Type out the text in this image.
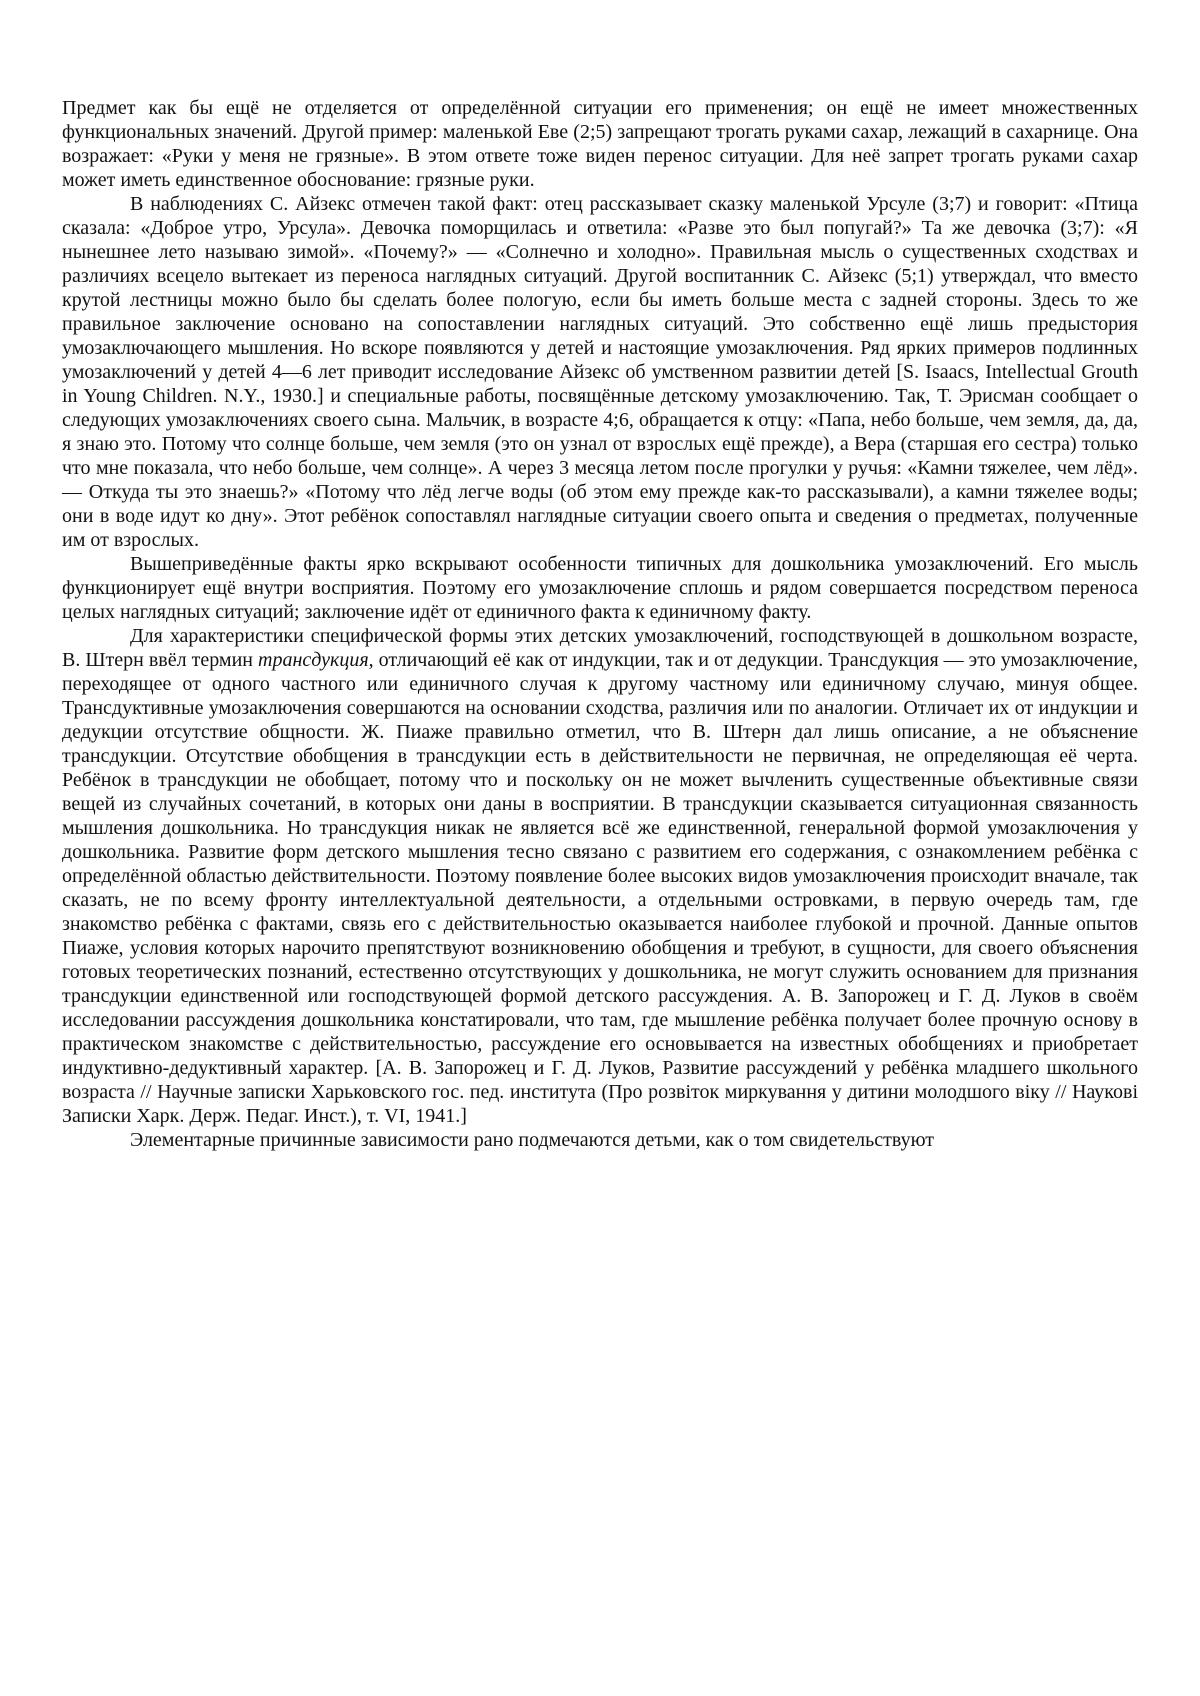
Предмет как бы ещё не отделяется от определённой ситуации его применения; он ещё не имеет множественных функциональных значений. Другой пример: маленькой Еве (2;5) запрещают трогать руками сахар, лежащий в сахарнице. Она возражает: «Руки у меня не грязные». В этом ответе тоже виден перенос ситуации. Для неё запрет трогать руками сахар может иметь единственное обоснование: грязные руки.

В наблюдениях С. Айзекс отмечен такой факт: отец рассказывает сказку маленькой Урсуле (3;7) и говорит: «Птица сказала: «Доброе утро, Урсула». Девочка поморщилась и ответила: «Разве это был попугай?» Та же девочка (3;7): «Я нынешнее лето называю зимой». «Почему?» — «Солнечно и холодно». Правильная мысль о существенных сходствах и различиях всецело вытекает из переноса наглядных ситуаций. Другой воспитанник С. Айзекс (5;1) утверждал, что вместо крутой лестницы можно было бы сделать более пологую, если бы иметь больше места с задней стороны. Здесь то же правильное заключение основано на сопоставлении наглядных ситуаций. Это собственно ещё лишь предыстория умозаключающего мышления. Но вскоре появляются у детей и настоящие умозаключения. Ряд ярких примеров подлинных умозаключений у детей 4—6 лет приводит исследование Айзекс об умственном развитии детей [S. Isaacs, Intellectual Grouth in Young Children. N.Y., 1930.] и специальные работы, посвящённые детскому умозаключению. Так, Т. Эрисман сообщает о следующих умозаключениях своего сына. Мальчик, в возрасте 4;6, обращается к отцу: «Папа, небо больше, чем земля, да, да, я знаю это. Потому что солнце больше, чем земля (это он узнал от взрослых ещё прежде), а Вера (старшая его сестра) только что мне показала, что небо больше, чем солнце». А через 3 месяца летом после прогулки у ручья: «Камни тяжелее, чем лёд». — Откуда ты это знаешь?» «Потому что лёд легче воды (об этом ему прежде как-то рассказывали), а камни тяжелее воды; они в воде идут ко дну». Этот ребёнок сопоставлял наглядные ситуации своего опыта и сведения о предметах, полученные им от взрослых.

Вышеприведённые факты ярко вскрывают особенности типичных для дошкольника умозаключений. Его мысль функционирует ещё внутри восприятия. Поэтому его умозаключение сплошь и рядом совершается посредством переноса целых наглядных ситуаций; заключение идёт от единичного факта к единичному факту.

Для характеристики специфической формы этих детских умозаключений, господствующей в дошкольном возрасте, В. Штерн ввёл термин трансдукция, отличающий её как от индукции, так и от дедукции. Трансдукция — это умозаключение, переходящее от одного частного или единичного случая к другому частному или единичному случаю, минуя общее. Трансдуктивные умозаключения совершаются на основании сходства, различия или по аналогии. Отличает их от индукции и дедукции отсутствие общности. Ж. Пиаже правильно отметил, что В. Штерн дал лишь описание, а не объяснение трансдукции. Отсутствие обобщения в трансдукции есть в действительности не первичная, не определяющая её черта. Ребёнок в трансдукции не обобщает, потому что и поскольку он не может вычленить существенные объективные связи вещей из случайных сочетаний, в которых они даны в восприятии. В трансдукции сказывается ситуационная связанность мышления дошкольника. Но трансдукция никак не является всё же единственной, генеральной формой умозаключения у дошкольника. Развитие форм детского мышления тесно связано с развитием его содержания, с ознакомлением ребёнка с определённой областью действительности. Поэтому появление более высоких видов умозаключения происходит вначале, так сказать, не по всему фронту интеллектуальной деятельности, а отдельными островками, в первую очередь там, где знакомство ребёнка с фактами, связь его с действительностью оказывается наиболее глубокой и прочной. Данные опытов Пиаже, условия которых нарочито препятствуют возникновению обобщения и требуют, в сущности, для своего объяснения готовых теоретических познаний, естественно отсутствующих у дошкольника, не могут служить основанием для признания трансдукции единственной или господствующей формой детского рассуждения. А. В. Запорожец и Г. Д. Луков в своём исследовании рассуждения дошкольника констатировали, что там, где мышление ребёнка получает более прочную основу в практическом знакомстве с действительностью, рассуждение его основывается на известных обобщениях и приобретает индуктивно-дедуктивный характер. [А. В. Запорожец и Г. Д. Луков, Развитие рассуждений у ребёнка младшего школьного возраста // Научные записки Харьковского гос. пед. института (Про розвiток миркування у дитини молодшого вiку // Науковi Записки Харк. Держ. Педаг. Инст.), т. VI, 1941.]

Элементарные причинные зависимости рано подмечаются детьми, как о том свидетельствуют
